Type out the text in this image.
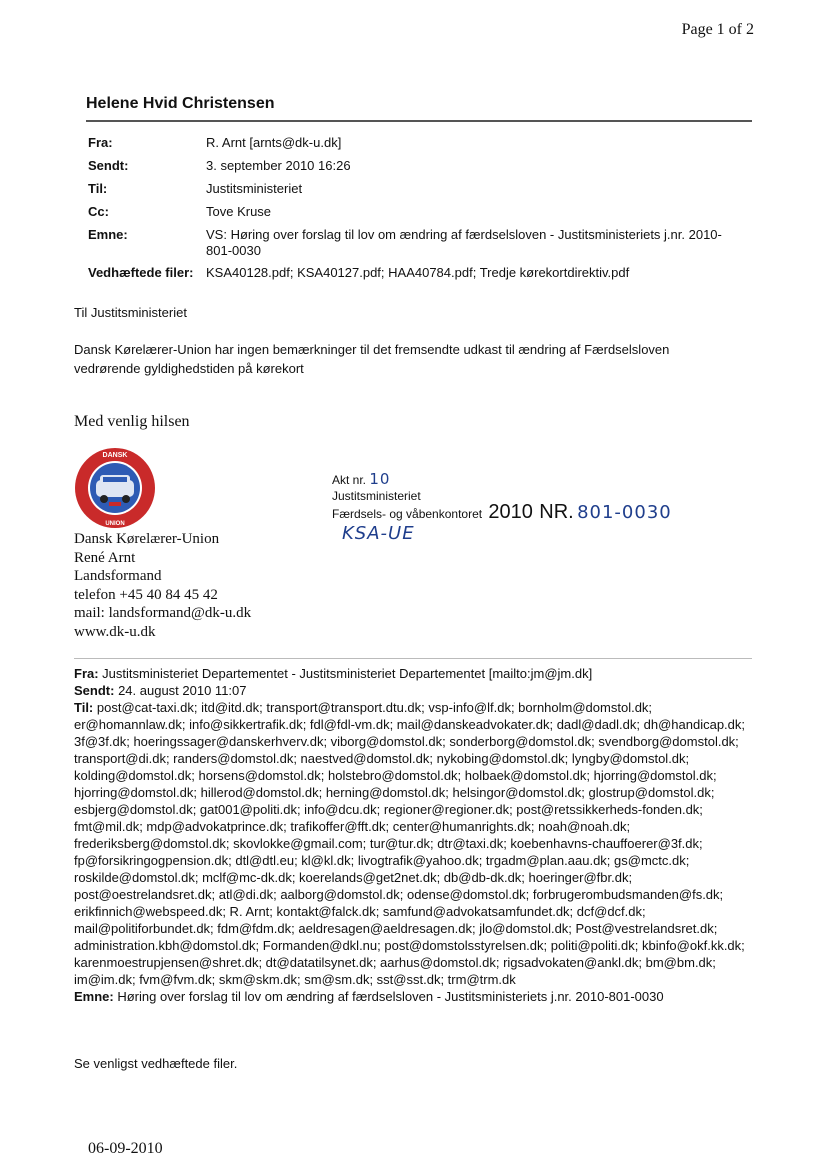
Page 1 of 2
Helene Hvid Christensen
Fra:	R. Arnt [arnts@dk-u.dk]
Sendt:	3. september 2010 16:26
Til:	Justitsministeriet
Cc:	Tove Kruse
Emne:	VS: Høring over forslag til lov om ændring af færdselsloven - Justitsministeriets j.nr. 2010-801-0030
Vedhæftede filer: KSA40128.pdf; KSA40127.pdf; HAA40784.pdf; Tredje kørekortdirektiv.pdf
Til Justitsministeriet
Dansk Kørelærer-Union har ingen bemærkninger til det fremsendte udkast til ændring af Færdselsloven vedrørende gyldighedstiden på kørekort
Med venlig hilsen
DANSK
UNION
Dansk Kørelærer-Union
René Arnt
Landsformand
telefon +45 40 84 45 42
mail: landsformand@dk-u.dk
www.dk-u.dk
Akt nr. 10
Justitsministeriet
Færdsels- og våbenkontoret 2010 NR. 801-0030
KSA-UE
Fra: Justitsministeriet Departementet - Justitsministeriet Departementet [mailto:jm@jm.dk]
Sendt: 24. august 2010 11:07
Til: post@cat-taxi.dk; itd@itd.dk; transport@transport.dtu.dk; vsp-info@lf.dk; bornholm@domstol.dk; er@homannlaw.dk; info@sikkertrafik.dk; fdl@fdl-vm.dk; mail@danskeadvokater.dk; dadl@dadl.dk; dh@handicap.dk; 3f@3f.dk; hoeringssager@danskerhverv.dk; viborg@domstol.dk; sonderborg@domstol.dk; svendborg@domstol.dk; transport@di.dk; randers@domstol.dk; naestved@domstol.dk; nykobing@domstol.dk; lyngby@domstol.dk; kolding@domstol.dk; horsens@domstol.dk; holstebro@domstol.dk; holbaek@domstol.dk; hjorring@domstol.dk; hjorring@domstol.dk; hillerod@domstol.dk; herning@domstol.dk; helsingor@domstol.dk; glostrup@domstol.dk; esbjerg@domstol.dk; gat001@politi.dk; info@dcu.dk; regioner@regioner.dk; post@retssikkerheds-fonden.dk; fmt@mil.dk; mdp@advokatprince.dk; trafikoffer@fft.dk; center@humanrights.dk; noah@noah.dk; frederiksberg@domstol.dk; skovlokke@gmail.com; tur@tur.dk; dtr@taxi.dk; koebenhavns-chauffoerer@3f.dk; fp@forsikringogpension.dk; dtl@dtl.eu; kl@kl.dk; livogtrafik@yahoo.dk; trgadm@plan.aau.dk; gs@mctc.dk; roskilde@domstol.dk; mclf@mc-dk.dk; koerelands@get2net.dk; db@db-dk.dk; hoeringer@fbr.dk; post@oestrelandsret.dk; atl@di.dk; aalborg@domstol.dk; odense@domstol.dk; forbrugerombudsmanden@fs.dk; erikfinnich@webspeed.dk; R. Arnt; kontakt@falck.dk; samfund@advokatsamfundet.dk; dcf@dcf.dk; mail@politiforbundet.dk; fdm@fdm.dk; aeldresagen@aeldresagen.dk; jlo@domstol.dk; Post@vestrelandsret.dk; administration.kbh@domstol.dk; Formanden@dkl.nu; post@domstolsstyrelsen.dk; politi@politi.dk; kbinfo@okf.kk.dk; karenmoestrupjensen@shret.dk; dt@datatilsynet.dk; aarhus@domstol.dk; rigsadvokaten@ankl.dk; bm@bm.dk; im@im.dk; fvm@fvm.dk; skm@skm.dk; sm@sm.dk; sst@sst.dk; trm@trm.dk
Emne: Høring over forslag til lov om ændring af færdselsloven - Justitsministeriets j.nr. 2010-801-0030
Se venligst vedhæftede filer.
06-09-2010
